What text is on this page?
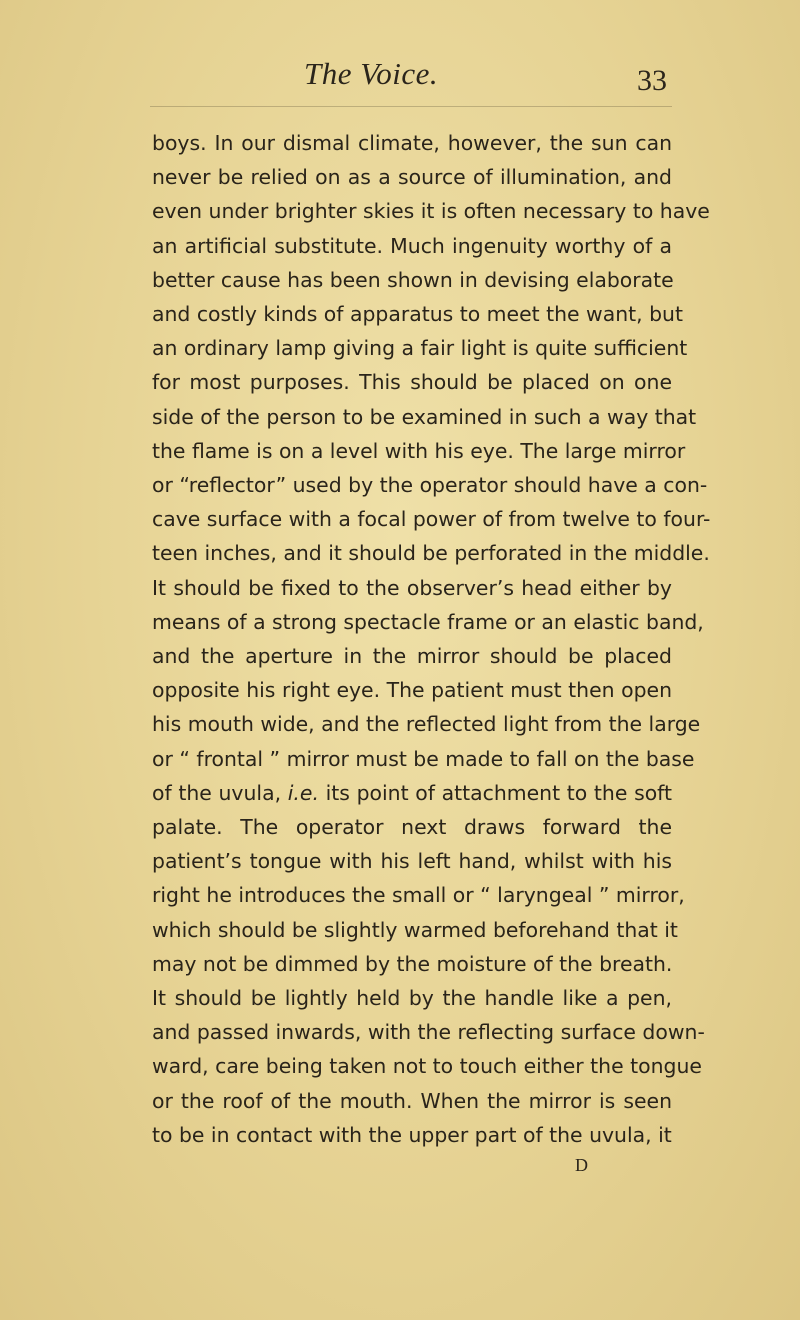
The Voice.	33
boys. In our dismal climate, however, the sun can
never be relied on as a source of illumination, and
even under brighter skies it is often necessary to have
an artificial substitute. Much ingenuity worthy of a
better cause has been shown in devising elaborate
and costly kinds of apparatus to meet the want, but
an ordinary lamp giving a fair light is quite sufficient
for most purposes. This should be placed on one
side of the person to be examined in such a way that
the flame is on a level with his eye. The large mirror
or “reflector” used by the operator should have a con-
cave surface with a focal power of from twelve to four-
teen inches, and it should be perforated in the middle.
It should be fixed to the observer’s head either by
means of a strong spectacle frame or an elastic band,
and the aperture in the mirror should be placed
opposite his right eye. The patient must then open
his mouth wide, and the reflected light from the large
or “ frontal ” mirror must be made to fall on the base
of the uvula, i.e. its point of attachment to the soft
palate. The operator next draws forward the
patient’s tongue with his left hand, whilst with his
right he introduces the small or “ laryngeal ” mirror,
which should be slightly warmed beforehand that it
may not be dimmed by the moisture of the breath.
It should be lightly held by the handle like a pen,
and passed inwards, with the reflecting surface down-
ward, care being taken not to touch either the tongue
or the roof of the mouth. When the mirror is seen
to be in contact with the upper part of the uvula, it
D
